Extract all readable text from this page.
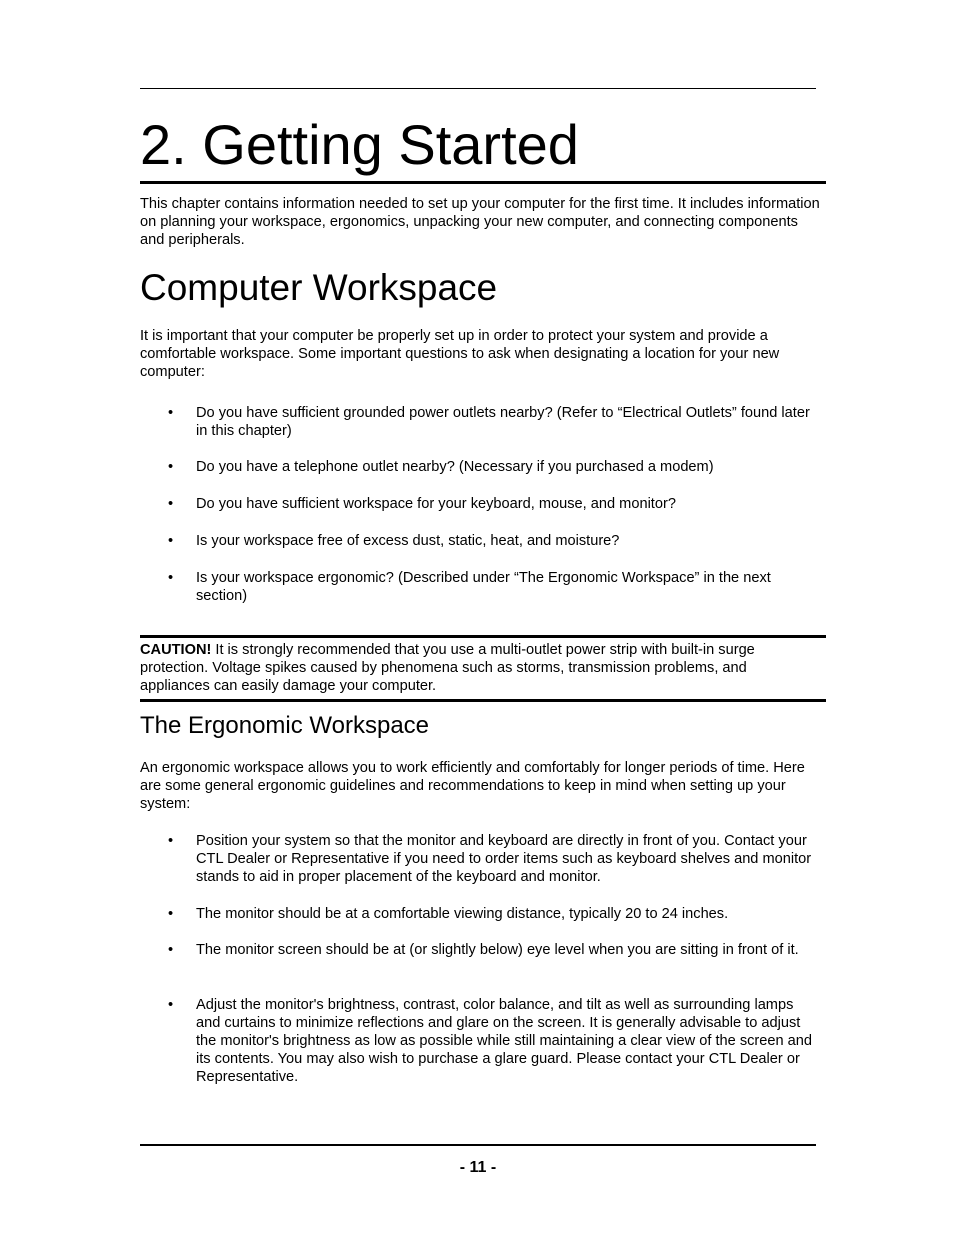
2. Getting Started

This chapter contains information needed to set up your computer for the first time. It includes information on planning your workspace, ergonomics, unpacking your new computer, and connecting components and peripherals.

Computer Workspace

It is important that your computer be properly set up in order to protect your system and provide a comfortable workspace. Some important questions to ask when designating a location for your new computer:

•	Do you have sufficient grounded power outlets nearby? (Refer to “Electrical Outlets” found later in this chapter)
•	Do you have a telephone outlet nearby? (Necessary if you purchased a modem)
•	Do you have sufficient workspace for your keyboard, mouse, and monitor?
•	Is your workspace free of excess dust, static, heat, and moisture?
•	Is your workspace ergonomic? (Described under “The Ergonomic Workspace” in the next section)

CAUTION! It is strongly recommended that you use a multi-outlet power strip with built-in surge protection. Voltage spikes caused by phenomena such as storms, transmission problems, and appliances can easily damage your computer.

The Ergonomic Workspace

An ergonomic workspace allows you to work efficiently and comfortably for longer periods of time. Here are some general ergonomic guidelines and recommendations to keep in mind when setting up your system:

•	Position your system so that the monitor and keyboard are directly in front of you. Contact your CTL Dealer or Representative if you need to order items such as keyboard shelves and monitor stands to aid in proper placement of the keyboard and monitor.
•	The monitor should be at a comfortable viewing distance, typically 20 to 24 inches.
•	The monitor screen should be at (or slightly below) eye level when you are sitting in front of it.
•	Adjust the monitor's brightness, contrast, color balance, and tilt as well as surrounding lamps and curtains to minimize reflections and glare on the screen. It is generally advisable to adjust the monitor's brightness as low as possible while still maintaining a clear view of the screen and its contents. You may also wish to purchase a glare guard. Please contact your CTL Dealer or Representative.
- 11 -
